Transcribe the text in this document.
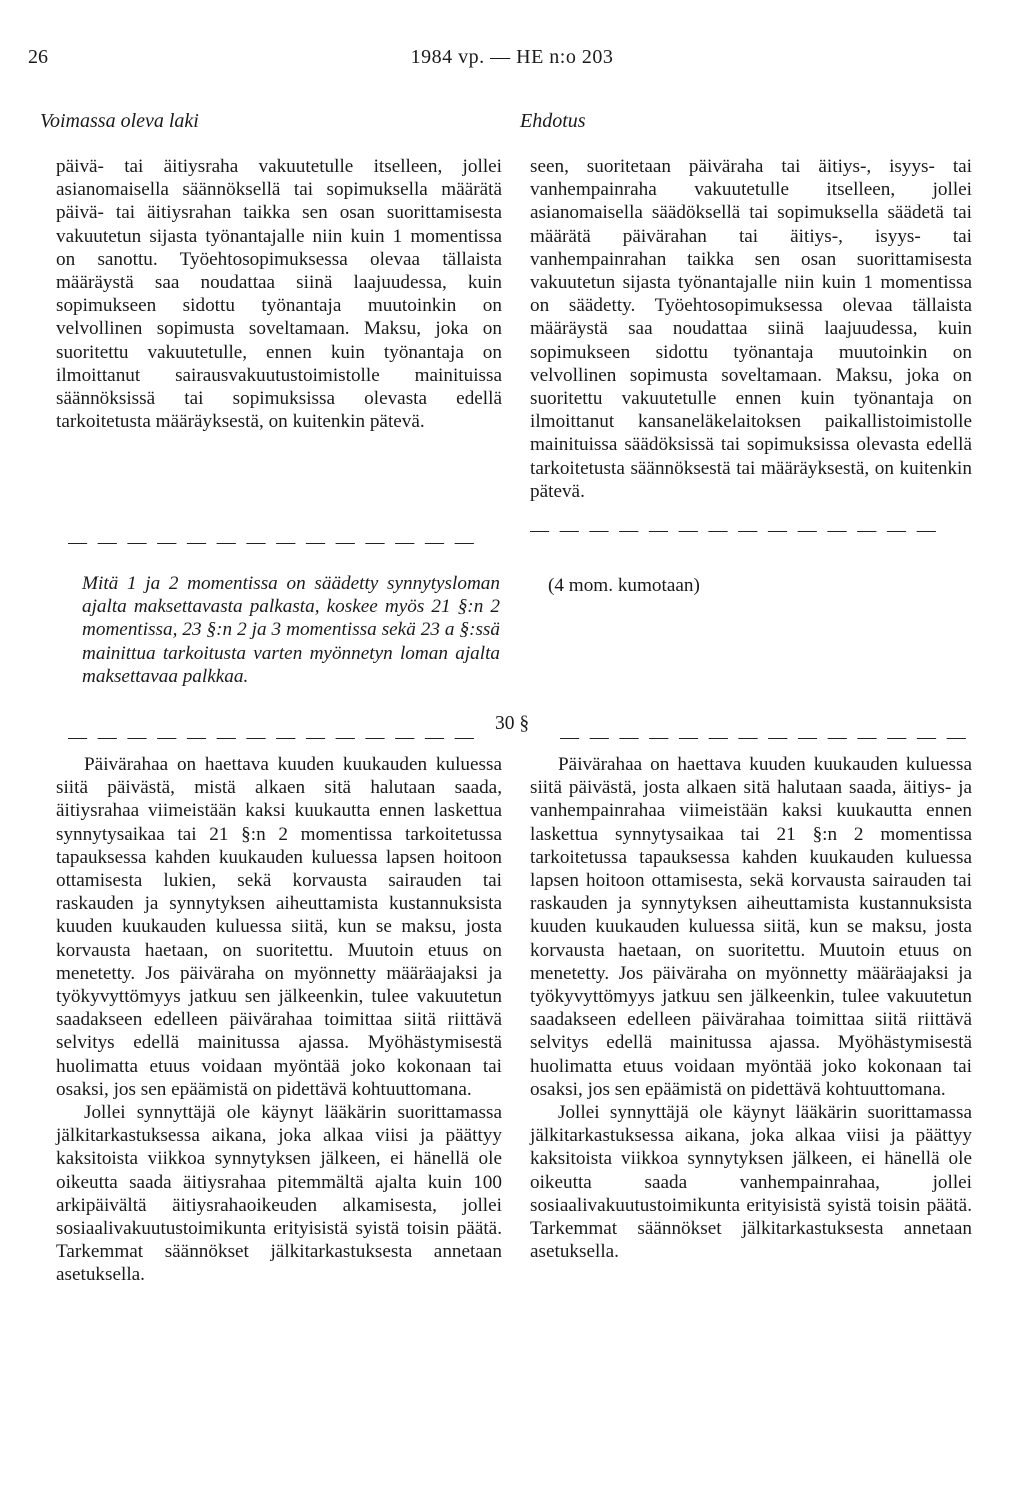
26	1984 vp. — HE n:o 203
Voimassa oleva laki	Ehdotus

päivä- tai äitiysraha vakuutetulle itselleen, jollei asianomaisella säännöksellä tai sopimuksella määrätä päivä- tai äitiysrahan taikka sen osan suorittamisesta vakuutetun sijasta työnantajalle niin kuin 1 momentissa on sanottu. Työehtosopimuksessa olevaa tällaista määräystä saa noudattaa siinä laajuudessa, kuin sopimukseen sidottu työnantaja muutoinkin on velvollinen sopimusta soveltamaan. Maksu, joka on suoritettu vakuutetulle, ennen kuin työnantaja on ilmoittanut sairausvakuutustoimistolle mainituissa säännöksissä tai sopimuksissa olevasta edellä tarkoitetusta määräyksestä, on kuitenkin pätevä.

seen, suoritetaan päiväraha tai äitiys-, isyys- tai vanhempainraha vakuutetulle itselleen, jollei asianomaisella säädöksellä tai sopimuksella säädetä tai määrätä päivärahan tai äitiys-, isyys- tai vanhempainrahan taikka sen osan suorittamisesta vakuutetun sijasta työnantajalle niin kuin 1 momentissa on säädetty. Työehtosopimuksessa olevaa tällaista määräystä saa noudattaa siinä laajuudessa, kuin sopimukseen sidottu työnantaja muutoinkin on velvollinen sopimusta soveltamaan. Maksu, joka on suoritettu vakuutetulle ennen kuin työnantaja on ilmoittanut kansaneläkelaitoksen paikallistoimistolle mainituissa säädöksissä tai sopimuksissa olevasta edellä tarkoitetusta säännöksestä tai määräyksestä, on kuitenkin pätevä.

— — — — — — — — — — — — — —
— — — — — — — — — — — — — —

Mitä 1 ja 2 momentissa on säädetty synnytysloman ajalta maksettavasta palkasta, koskee myös 21 §:n 2 momentissa, 23 §:n 2 ja 3 momentissa sekä 23 a §:ssä mainittua tarkoitusta varten myönnetyn loman ajalta maksettavaa palkkaa.

(4 mom. kumotaan)

30 §
— — — — — — — — — — — — — —	— — — — — — — — — — — — — —

Päivärahaa on haettava kuuden kuukauden kuluessa siitä päivästä, mistä alkaen sitä halutaan saada, äitiysrahaa viimeistään kaksi kuukautta ennen laskettua synnytysaikaa tai 21 §:n 2 momentissa tarkoitetussa tapauksessa kahden kuukauden kuluessa lapsen hoitoon ottamisesta lukien, sekä korvausta sairauden tai raskauden ja synnytyksen aiheuttamista kustannuksista kuuden kuukauden kuluessa siitä, kun se maksu, josta korvausta haetaan, on suoritettu. Muutoin etuus on menetetty. Jos päiväraha on myönnetty määräajaksi ja työkyvyttömyys jatkuu sen jälkeenkin, tulee vakuutetun saadakseen edelleen päivärahaa toimittaa siitä riittävä selvitys edellä mainitussa ajassa. Myöhästymisestä huolimatta etuus voidaan myöntää joko kokonaan tai osaksi, jos sen epäämistä on pidettävä kohtuuttomana.

Jollei synnyttäjä ole käynyt lääkärin suorittamassa jälkitarkastuksessa aikana, joka alkaa viisi ja päättyy kaksitoista viikkoa synnytyksen jälkeen, ei hänellä ole oikeutta saada äitiysrahaa pitemmältä ajalta kuin 100 arkipäivältä äitiysrahaoikeuden alkamisesta, jollei sosiaalivakuutustoimikunta erityisistä syistä toisin päätä. Tarkemmat säännökset jälkitarkastuksesta annetaan asetuksella.

Päivärahaa on haettava kuuden kuukauden kuluessa siitä päivästä, josta alkaen sitä halutaan saada, äitiys- ja vanhempainrahaa viimeistään kaksi kuukautta ennen laskettua synnytysaikaa tai 21 §:n 2 momentissa tarkoitetussa tapauksessa kahden kuukauden kuluessa lapsen hoitoon ottamisesta, sekä korvausta sairauden tai raskauden ja synnytyksen aiheuttamista kustannuksista kuuden kuukauden kuluessa siitä, kun se maksu, josta korvausta haetaan, on suoritettu. Muutoin etuus on menetetty. Jos päiväraha on myönnetty määräajaksi ja työkyvyttömyys jatkuu sen jälkeenkin, tulee vakuutetun saadakseen edelleen päivärahaa toimittaa siitä riittävä selvitys edellä mainitussa ajassa. Myöhästymisestä huolimatta etuus voidaan myöntää joko kokonaan tai osaksi, jos sen epäämistä on pidettävä kohtuuttomana.

Jollei synnyttäjä ole käynyt lääkärin suorittamassa jälkitarkastuksessa aikana, joka alkaa viisi ja päättyy kaksitoista viikkoa synnytyksen jälkeen, ei hänellä ole oikeutta saada vanhempainrahaa, jollei sosiaalivakuutustoimikunta erityisistä syistä toisin päätä. Tarkemmat säännökset jälkitarkastuksesta annetaan asetuksella.
